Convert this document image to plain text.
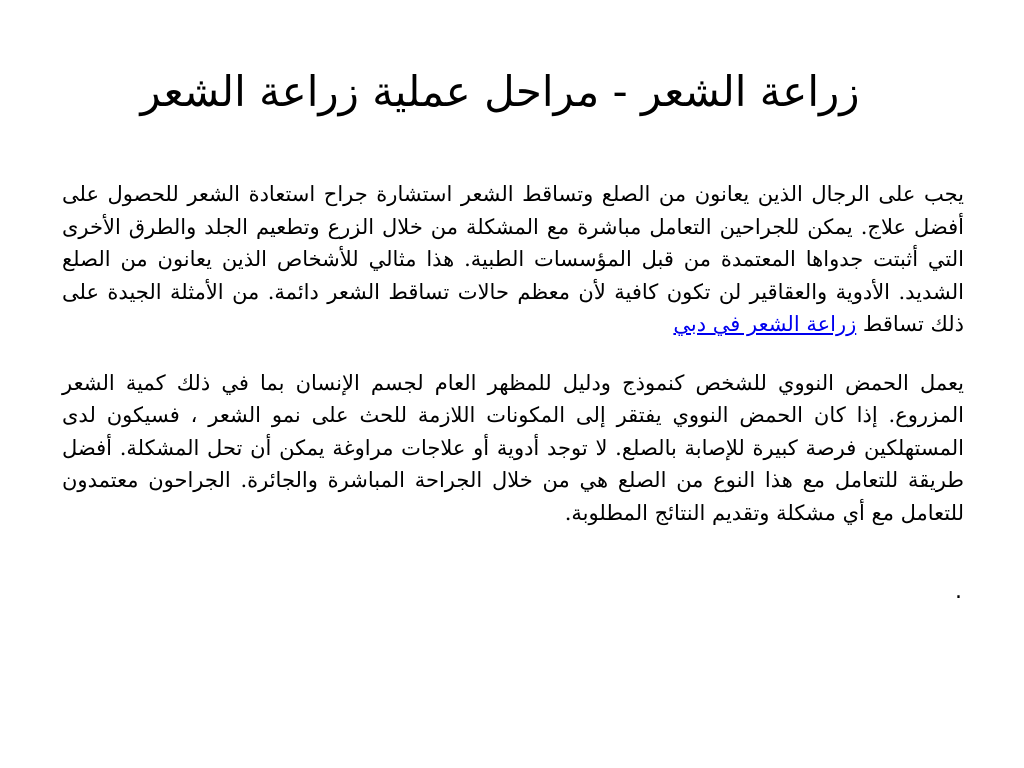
زراعة الشعر - مراحل عملية زراعة الشعر

يجب على الرجال الذين يعانون من الصلع وتساقط الشعر استشارة جراح استعادة الشعر للحصول على أفضل علاج. يمكن للجراحين التعامل مباشرة مع المشكلة من خلال الزرع وتطعيم الجلد والطرق الأخرى التي أثبتت جدواها المعتمدة من قبل المؤسسات الطبية. هذا مثالي للأشخاص الذين يعانون من الصلع الشديد. الأدوية والعقاقير لن تكون كافية لأن معظم حالات تساقط الشعر دائمة. من الأمثلة الجيدة على ذلك تساقط زراعة الشعر في دبي

يعمل الحمض النووي للشخص كنموذج ودليل للمظهر العام لجسم الإنسان بما في ذلك كمية الشعر المزروع. إذا كان الحمض النووي يفتقر إلى المكونات اللازمة للحث على نمو الشعر ، فسيكون لدى المستهلكين فرصة كبيرة للإصابة بالصلع. لا توجد أدوية أو علاجات مراوغة يمكن أن تحل المشكلة. أفضل طريقة للتعامل مع هذا النوع من الصلع هي من خلال الجراحة المباشرة والجائرة. الجراحون معتمدون للتعامل مع أي مشكلة وتقديم النتائج المطلوبة.

.
